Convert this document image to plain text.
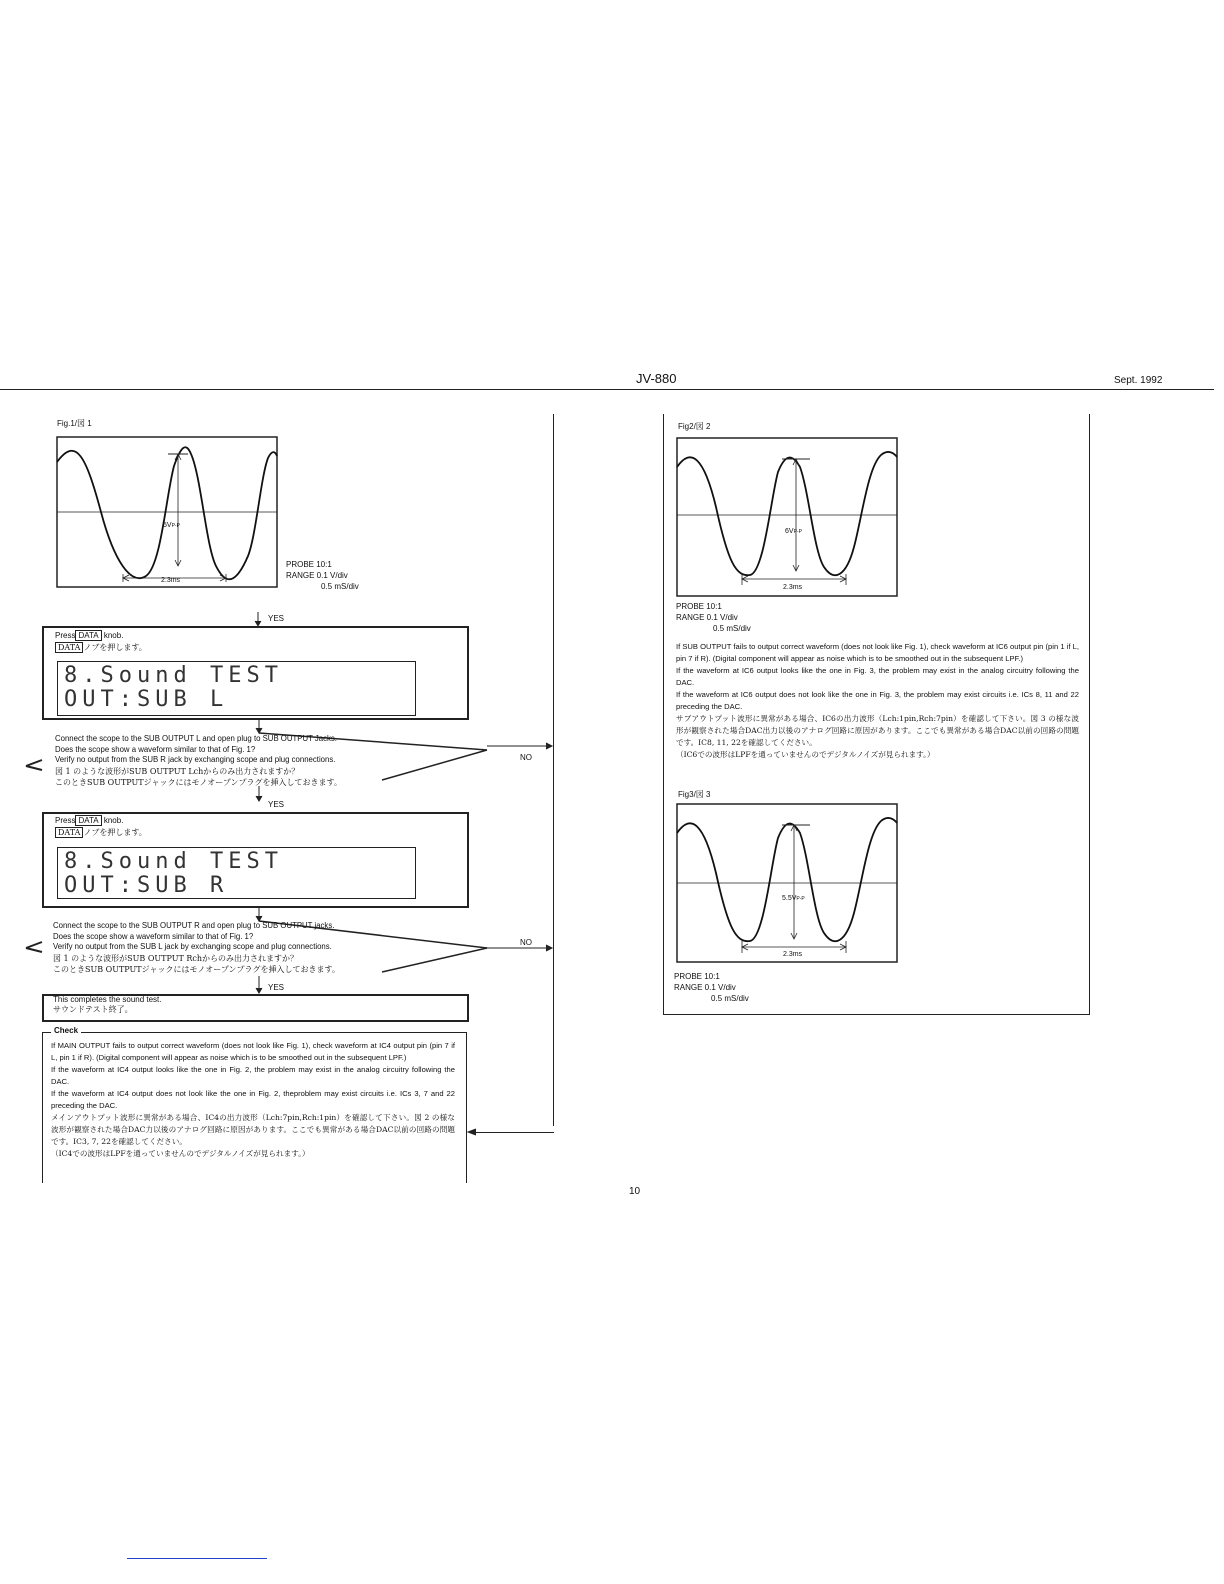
JV-880	Sept. 1992
Fig.1/図 1
5VP-P
2.3ms
PROBE 10:1
RANGE 0.1 V/div
0.5 mS/div
YES
Press DATA knob.
DATA ノブを押します。
8.Sound TEST
OUT:SUB L
Connect the scope to the SUB OUTPUT L and open plug to SUB OUTPUT Jacks.
Does the scope show a waveform similar to that of Fig. 1?
Verify no output from the SUB R jack by exchanging scope and plug connections.
図 1 のような波形がSUB OUTPUT Lchからのみ出力されますか？
このときSUB OUTPUTジャックにはモノオープンプラグを挿入しておきます。
NO
YES
Press DATA knob.
DATA ノブを押します。
8.Sound TEST
OUT:SUB R
Connect the scope to the SUB OUTPUT R and open plug to SUB OUTPUT jacks.
Does the scope show a waveform similar to that of Fig. 1?
Verify no output from the SUB L jack by exchanging scope and plug connections.
図 1 のような波形がSUB OUTPUT Rchからのみ出力されますか？
このときSUB OUTPUTジャックにはモノオープンプラグを挿入しておきます。
NO
YES
This completes the sound test.
サウンドテスト終了。
Check
If MAIN OUTPUT fails to output correct waveform (does not look like Fig. 1), check waveform at IC4 output pin (pin 7 if L, pin 1 if R). (Digital component will appear as noise which is to be smoothed out in the subsequent LPF.)
If the waveform at IC4 output looks like the one in Fig. 2, the problem may exist in the analog circuitry following the DAC.
If the waveform at IC4 output does not look like the one in Fig. 2, theproblem may exist circuits i.e. ICs 3, 7 and 22 preceding the DAC.
メインアウトプット波形に異常がある場合、IC4の出力波形（Lch:7pin,Rch:1pin）を確認して下さい。図 2 の様な波形が観察された場合DAC力以後のアナログ回路に原因があります。ここでも異常がある場合DAC以前の回路の問題です。IC3, 7, 22を確認してください。
（IC4での波形はLPFを通っていませんのでデジタルノイズが見られます。）
Fig2/図 2
6VP-P
2.3ms
PROBE 10:1
RANGE 0.1 V/div
0.5 mS/div
If SUB OUTPUT fails to output correct waveform (does not look like Fig. 1), check waveform at IC6 output pin (pin 1 if L, pin 7 if R). (Digital component will appear as noise which is to be smoothed out in the subsequent LPF.)
If the waveform at IC6 output looks like the one in Fig. 3, the problem may exist in the analog circuitry following the DAC.
If the waveform at IC6 output does not look like the one in Fig. 3, the problem may exist circuits i.e. ICs 8, 11 and 22 preceding the DAC.
サブアウトプット波形に異常がある場合、IC6の出力波形（Lch:1pin,Rch:7pin）を確認して下さい。図 3 の様な波形が観察された場合DAC出力以後のアナログ回路に原因があります。ここでも異常がある場合DAC以前の回路の問題です。IC8, 11, 22を確認してください。
（IC6での波形はLPFを通っていませんのでデジタルノイズが見られます。）
Fig3/図 3
5.5VP-P
2.3ms
PROBE 10:1
RANGE 0.1 V/div
0.5 mS/div
10
